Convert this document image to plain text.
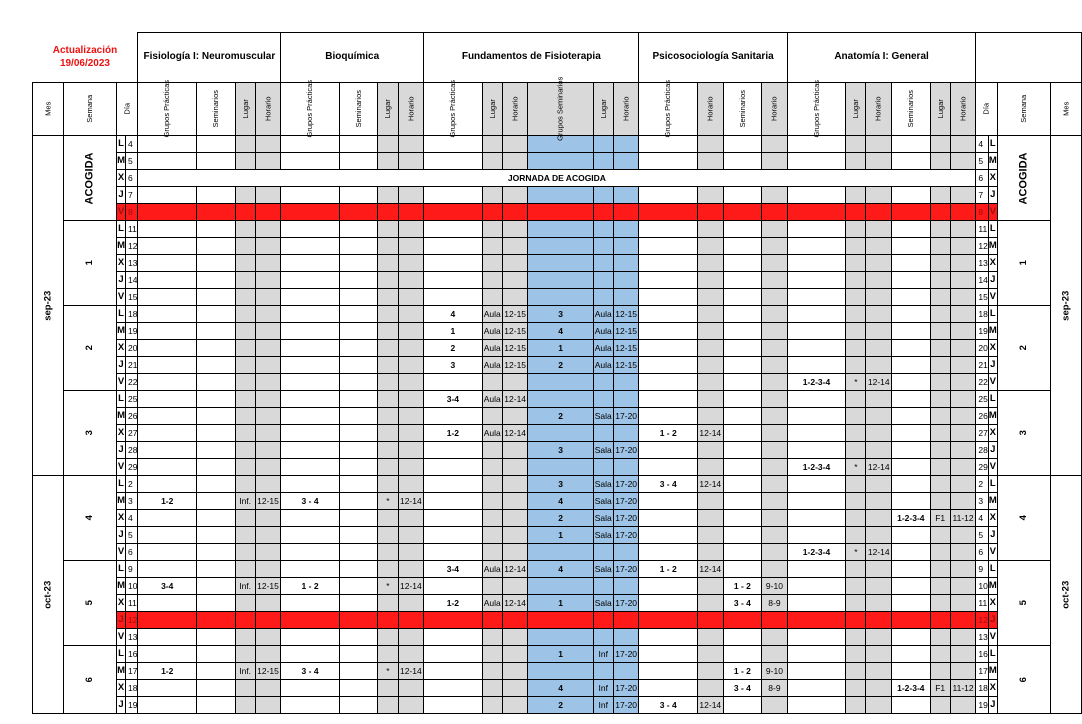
Actualización
19/06/2023				Fisiología I: Neuromuscular				Bioquímica				Fundamentos de Fisioterapia						Psicosociología Sanitaria				Anatomía I: General									

Mes	Semana	Día		Grupos Prácticas	Seminarios	Lugar	Horario	Grupos Prácticas	Seminarios	Lugar	Horario	Grupos Prácticas	Lugar	Horario	Grupos Seminarios	Lugar	Horario	Grupos Prácticas	Horario	Seminarios	Horario	Grupos Prácticas	Lugar	Horario	Seminarios	Lugar	Horario	Día		Semana	Mes

sep-23	ACOGIDA	L	4																									4	L	ACOGIDA	sep-23

		M	5																									5	M		
		X	6	JORNADA DE ACOGIDA																								6	X		
		J	7																									7	J		
		V	8																									8	V		

	1	L	11																									11	L	1	

		M	12																									12	M		
		X	13																									13	X		
		J	14																									14	J		
		V	15																									15	V		

	2	L	18									4	Aula	12-15	3	Aula	12-15											18	L	2	

		M	19									1	Aula	12-15	4	Aula	12-15											19	M		
		X	20									2	Aula	12-15	1	Aula	12-15											20	X		
		J	21									3	Aula	12-15	2	Aula	12-15											21	J		
		V	22																			1-2-3-4	*	12-14				22	V		

	3	L	25									3-4	Aula	12-14														25	L	3	

		M	26												2	Sala	17-20											26	M		
		X	27									1-2	Aula	12-14				1 - 2	12-14									27	X		
		J	28												3	Sala	17-20											28	J		
		V	29																			1-2-3-4	*	12-14				29	V		

oct-23	4	L	2												3	Sala	17-20	3 - 4	12-14									2	L	4	oct-23

		M	3	1-2		Inf.	12-15	3 - 4		*	12-14				4	Sala	17-20											3	M		
		X	4												2	Sala	17-20								1-2-3-4	F1	11-12	4	X		
		J	5												1	Sala	17-20											5	J		
		V	6																			1-2-3-4	*	12-14				6	V		

	5	L	9									3-4	Aula	12-14	4	Sala	17-20	1 - 2	12-14									9	L	5	

		M	10	3-4		Inf.	12-15	1 - 2		*	12-14									1 - 2	9-10							10	M		
		X	11									1-2	Aula	12-14	1	Sala	17-20			3 - 4	8-9							11	X		
		J	12																									12	J		
		V	13																									13	V		

	6	L	16												1	Inf	17-20											16	L	6	

		M	17	1-2		Inf.	12-15	3 - 4		*	12-14									1 - 2	9-10							17	M		
		X	18												4	Inf	17-20			3 - 4	8-9				1-2-3-4	F1	11-12	18	X		
		J	19												2	Inf	17-20	3 - 4	12-14									19	J		
